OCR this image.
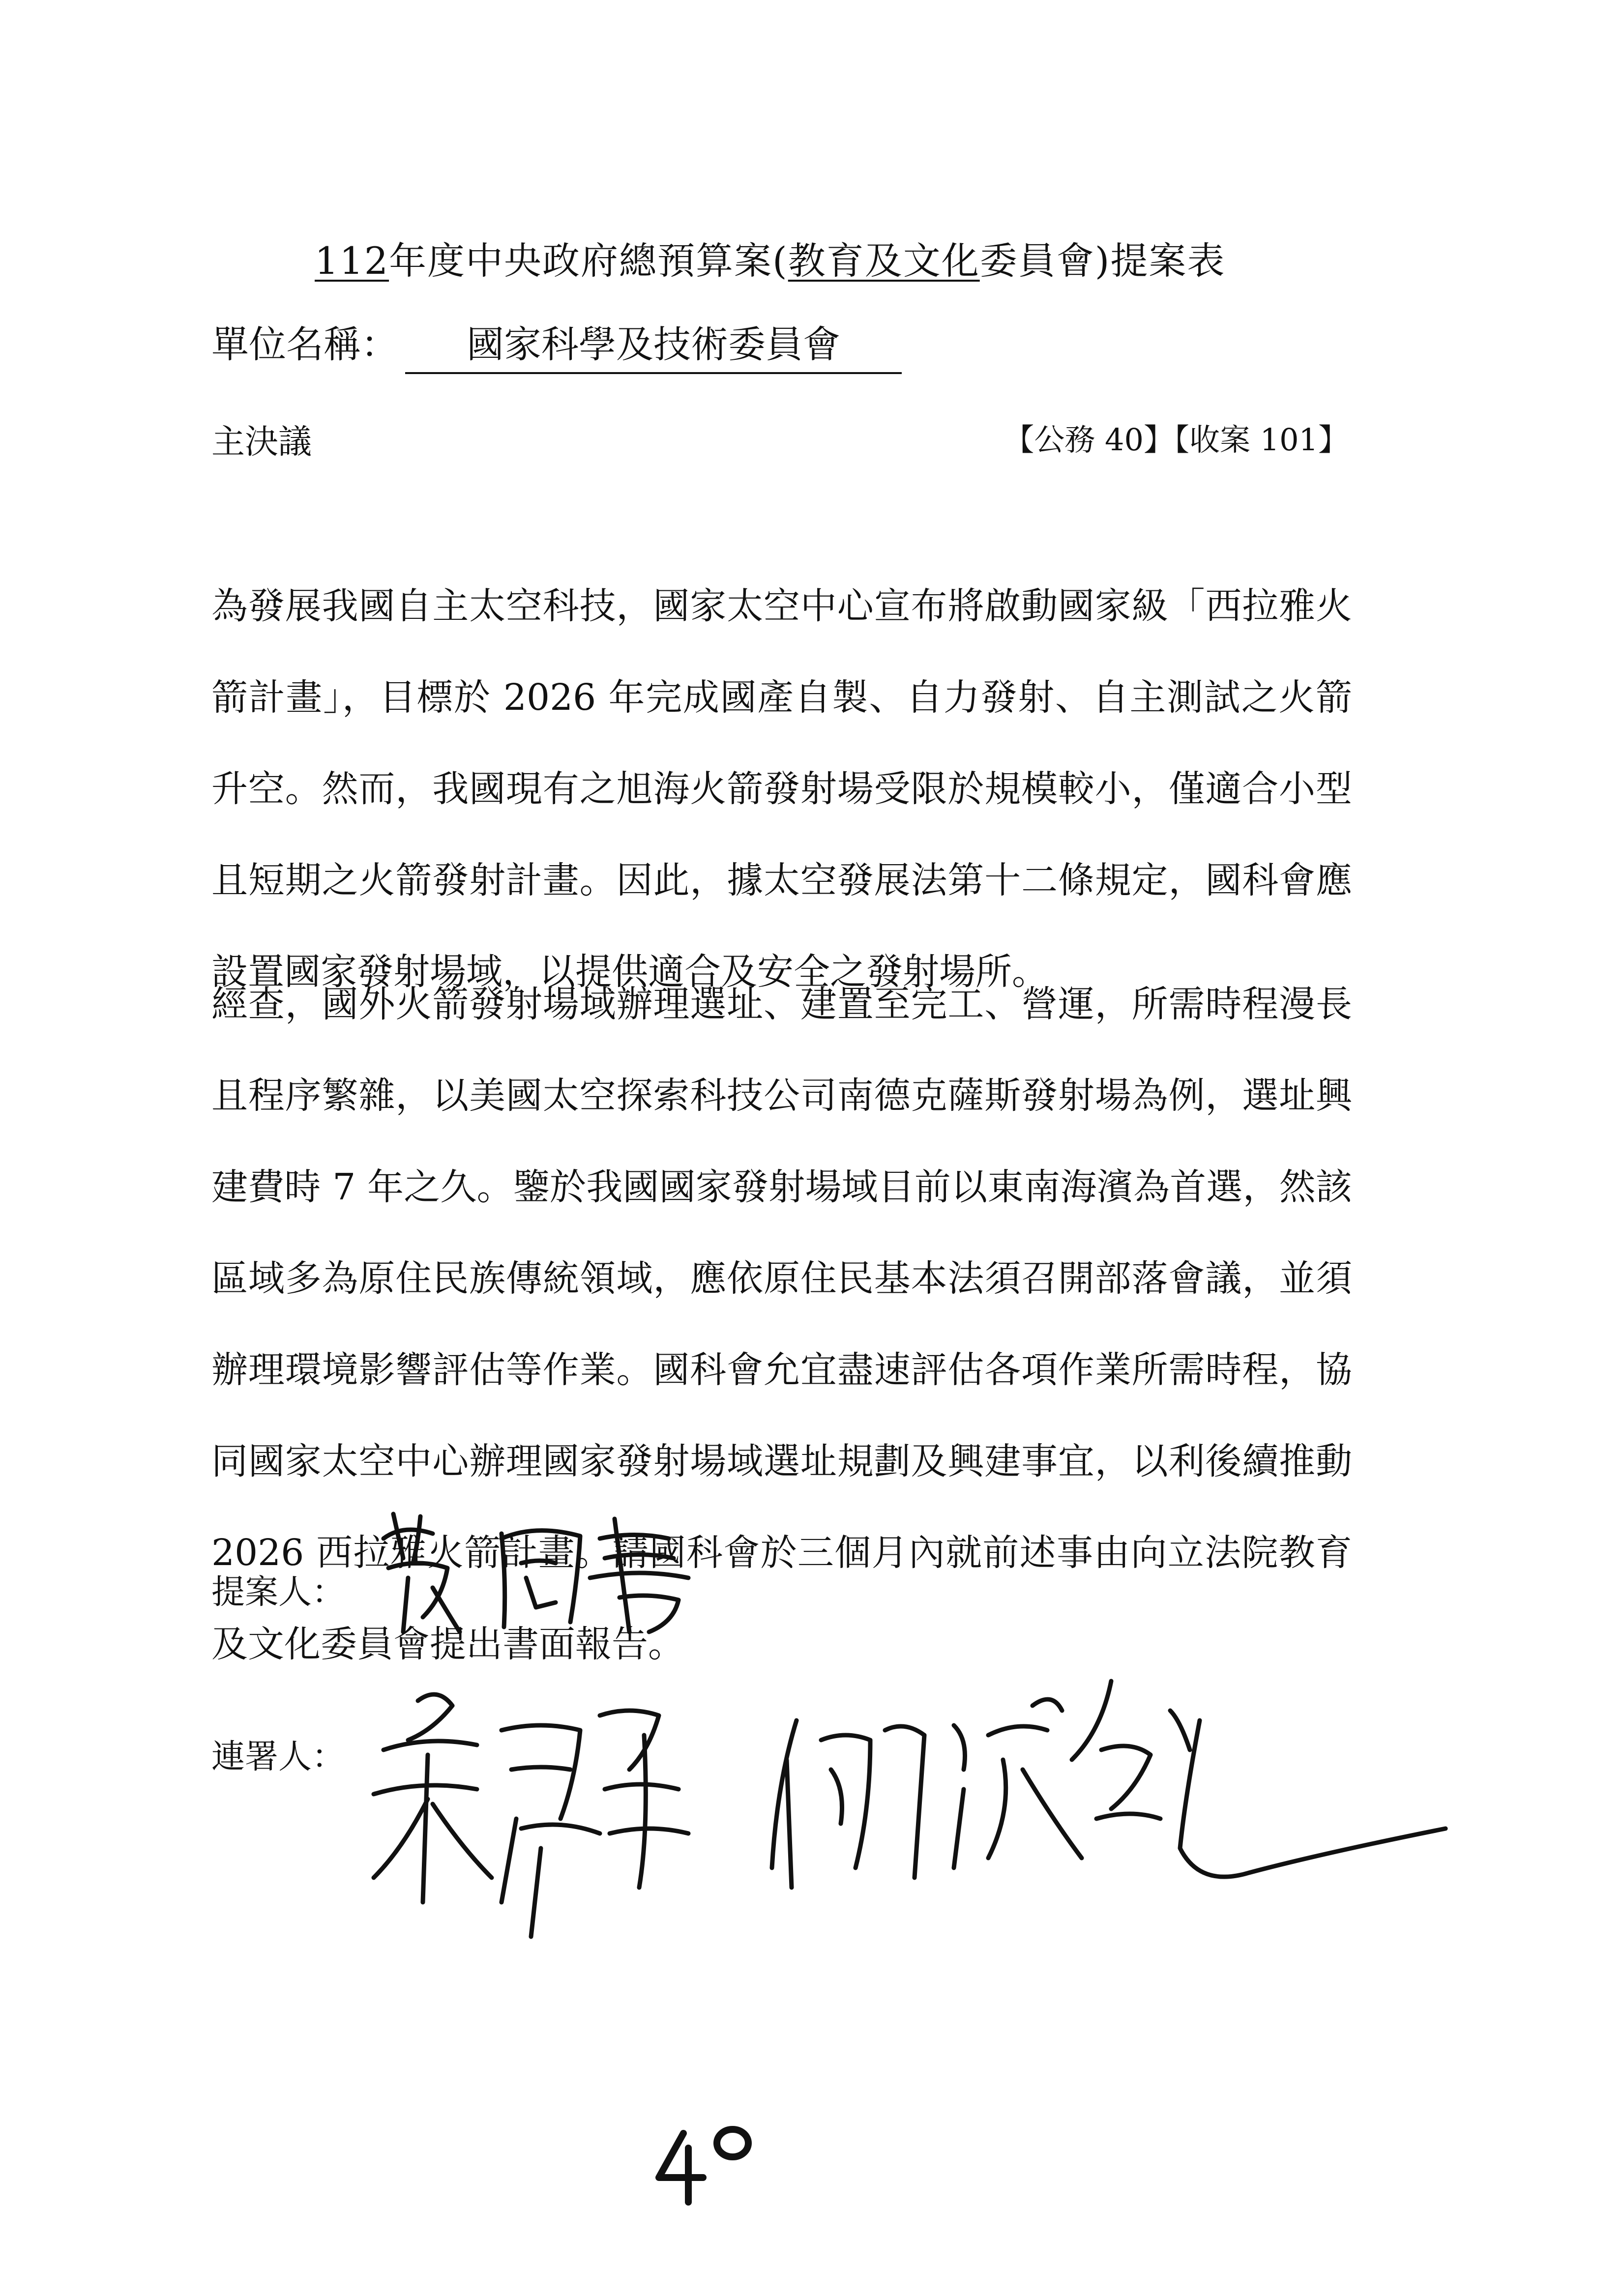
112年度中央政府總預算案(教育及文化委員會)提案表
單位名稱： 國家科學及技術委員會
主決議	【公務 40】【收案 101】

為發展我國自主太空科技，國家太空中心宣布將啟動國家級「西拉雅火箭計畫」，目標於 2026 年完成國產自製、自力發射、自主測試之火箭升空。然而，我國現有之旭海火箭發射場受限於規模較小，僅適合小型且短期之火箭發射計畫。因此，據太空發展法第十二條規定，國科會應設置國家發射場域，以提供適合及安全之發射場所。

經查，國外火箭發射場域辦理選址、建置至完工、營運，所需時程漫長且程序繁雜，以美國太空探索科技公司南德克薩斯發射場為例，選址興建費時 7 年之久。鑒於我國國家發射場域目前以東南海濱為首選，然該區域多為原住民族傳統領域，應依原住民基本法須召開部落會議，並須辦理環境影響評估等作業。國科會允宜盡速評估各項作業所需時程，協同國家太空中心辦理國家發射場域選址規劃及興建事宜，以利後續推動 2026 西拉雅火箭計畫。請國科會於三個月內就前述事由向立法院教育及文化委員會提出書面報告。

提案人：
連署人：
